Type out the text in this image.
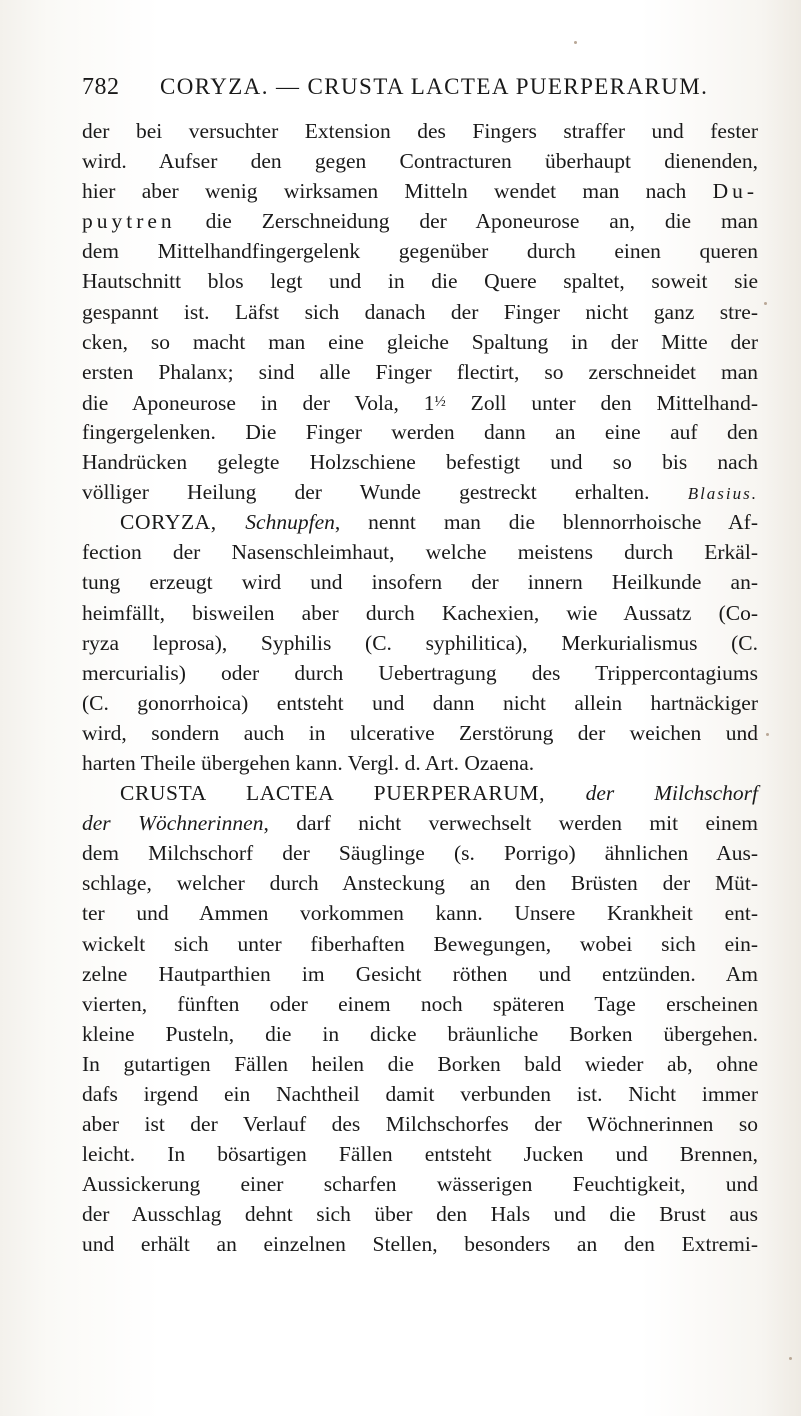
782 CORYZA. — CRUSTA LACTEA PUERPERARUM.
der bei versuchter Extension des Fingers straffer und fester
wird. Aufser den gegen Contracturen überhaupt dienenden,
hier aber wenig wirksamen Mitteln wendet man nach Du-
puytren die Zerschneidung der Aponeurose an, die man
dem Mittelhandfingergelenk gegenüber durch einen queren
Hautschnitt blos legt und in die Quere spaltet, soweit sie
gespannt ist. Läfst sich danach der Finger nicht ganz stre-
cken, so macht man eine gleiche Spaltung in der Mitte der
ersten Phalanx; sind alle Finger flectirt, so zerschneidet man
die Aponeurose in der Vola, 1½ Zoll unter den Mittelhand-
fingergelenken. Die Finger werden dann an eine auf den
Handrücken gelegte Holzschiene befestigt und so bis nach
völliger Heilung der Wunde gestreckt erhalten. Blasius.
CORYZA, Schnupfen, nennt man die blennorrhoische Af-
fection der Nasenschleimhaut, welche meistens durch Erkäl-
tung erzeugt wird und insofern der innern Heilkunde an-
heimfällt, bisweilen aber durch Kachexien, wie Aussatz (Co-
ryza leprosa), Syphilis (C. syphilitica), Merkurialismus (C.
mercurialis) oder durch Uebertragung des Trippercontagiums
(C. gonorrhoica) entsteht und dann nicht allein hartnäckiger
wird, sondern auch in ulcerative Zerstörung der weichen und
harten Theile übergehen kann. Vergl. d. Art. Ozaena.
CRUSTA LACTEA PUERPERARUM, der Milchschorf
der Wöchnerinnen, darf nicht verwechselt werden mit einem
dem Milchschorf der Säuglinge (s. Porrigo) ähnlichen Aus-
schlage, welcher durch Ansteckung an den Brüsten der Müt-
ter und Ammen vorkommen kann. Unsere Krankheit ent-
wickelt sich unter fiberhaften Bewegungen, wobei sich ein-
zelne Hautparthien im Gesicht röthen und entzünden. Am
vierten, fünften oder einem noch späteren Tage erscheinen
kleine Pusteln, die in dicke bräunliche Borken übergehen.
In gutartigen Fällen heilen die Borken bald wieder ab, ohne
dafs irgend ein Nachtheil damit verbunden ist. Nicht immer
aber ist der Verlauf des Milchschorfes der Wöchnerinnen so
leicht. In bösartigen Fällen entsteht Jucken und Brennen,
Aussickerung einer scharfen wässerigen Feuchtigkeit, und
der Ausschlag dehnt sich über den Hals und die Brust aus
und erhält an einzelnen Stellen, besonders an den Extremi-
